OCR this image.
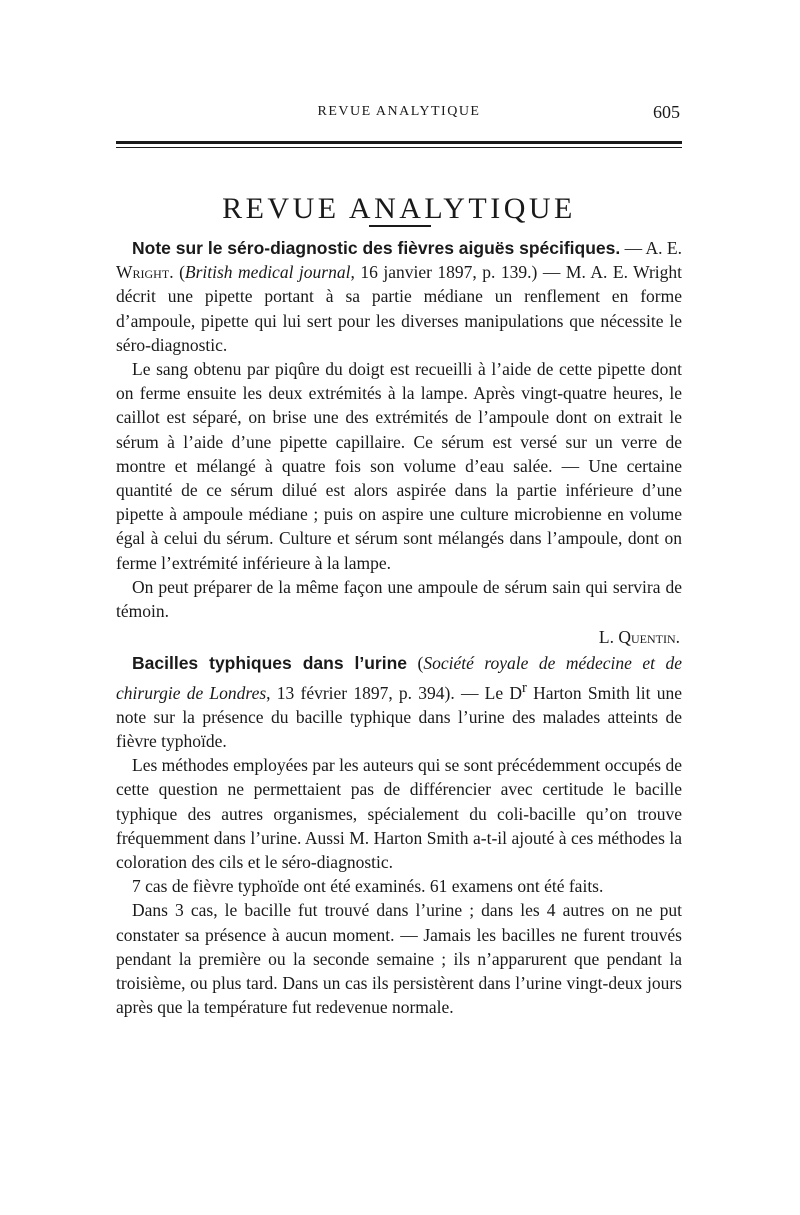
REVUE ANALYTIQUE	605
REVUE ANALYTIQUE

Note sur le séro-diagnostic des fièvres aiguës spécifiques. — A. E. Wright. (British medical journal, 16 janvier 1897, p. 139.) — M. A. E. Wright décrit une pipette portant à sa partie médiane un renflement en forme d’ampoule, pipette qui lui sert pour les diverses manipulations que nécessite le séro-diagnostic.

Le sang obtenu par piqûre du doigt est recueilli à l’aide de cette pipette dont on ferme ensuite les deux extrémités à la lampe. Après vingt-quatre heures, le caillot est séparé, on brise une des extrémités de l’ampoule dont on extrait le sérum à l’aide d’une pipette capillaire. Ce sérum est versé sur un verre de montre et mélangé à quatre fois son volume d’eau salée. — Une certaine quantité de ce sérum dilué est alors aspirée dans la partie inférieure d’une pipette à ampoule médiane ; puis on aspire une culture microbienne en volume égal à celui du sérum. Culture et sérum sont mélangés dans l’ampoule, dont on ferme l’extrémité inférieure à la lampe.

On peut préparer de la même façon une ampoule de sérum sain qui servira de témoin.

L. Quentin.

Bacilles typhiques dans l’urine (Société royale de médecine et de chirurgie de Londres, 13 février 1897, p. 394). — Le $D^r$ Harton Smith lit une note sur la présence du bacille typhique dans l’urine des malades atteints de fièvre typhoïde.

Les méthodes employées par les auteurs qui se sont précédemment occupés de cette question ne permettaient pas de différencier avec certitude le bacille typhique des autres organismes, spécialement du coli-bacille qu’on trouve fréquemment dans l’urine. Aussi M. Harton Smith a-t-il ajouté à ces méthodes la coloration des cils et le séro-diagnostic.

7 cas de fièvre typhoïde ont été examinés. 61 examens ont été faits.

Dans 3 cas, le bacille fut trouvé dans l’urine ; dans les 4 autres on ne put constater sa présence à aucun moment. — Jamais les bacilles ne furent trouvés pendant la première ou la seconde semaine ; ils n’apparurent que pendant la troisième, ou plus tard. Dans un cas ils persistèrent dans l’urine vingt-deux jours après que la température fut redevenue normale.
